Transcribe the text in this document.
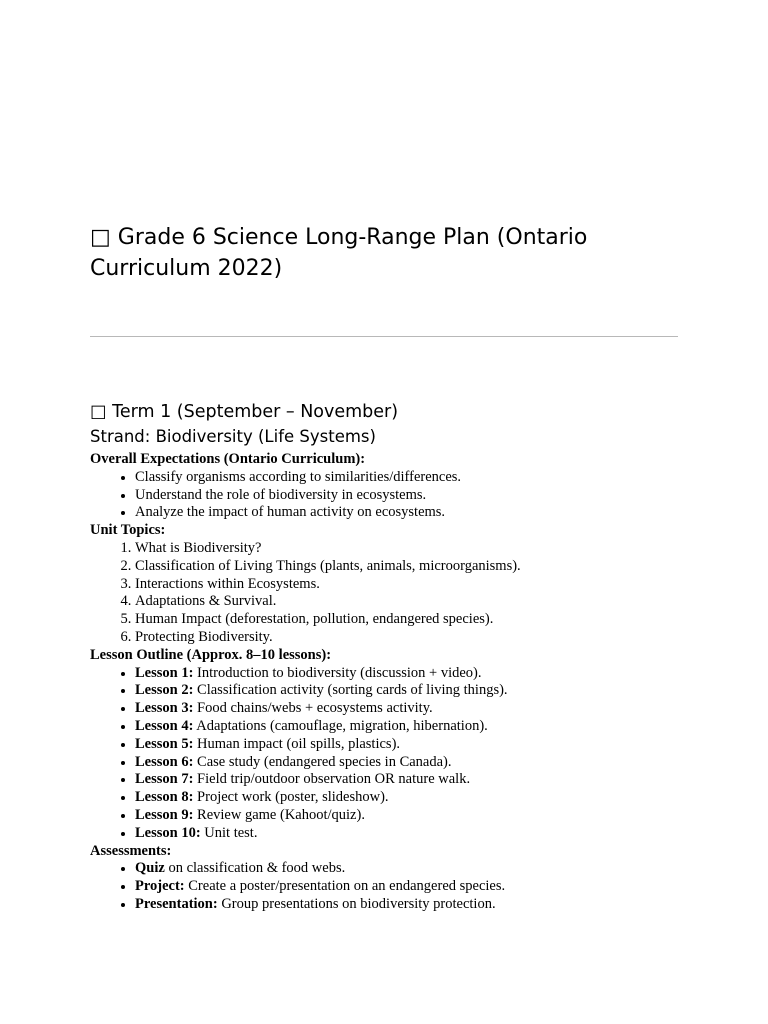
□ Grade 6 Science Long-Range Plan (Ontario Curriculum 2022)
□ Term 1 (September – November)
Strand: Biodiversity (Life Systems)

Overall Expectations (Ontario Curriculum):

• Classify organisms according to similarities/differences.
• Understand the role of biodiversity in ecosystems.
• Analyze the impact of human activity on ecosystems.

Unit Topics:

1. What is Biodiversity?
2. Classification of Living Things (plants, animals, microorganisms).
3. Interactions within Ecosystems.
4. Adaptations & Survival.
5. Human Impact (deforestation, pollution, endangered species).
6. Protecting Biodiversity.

Lesson Outline (Approx. 8–10 lessons):

• Lesson 1: Introduction to biodiversity (discussion + video).
• Lesson 2: Classification activity (sorting cards of living things).
• Lesson 3: Food chains/webs + ecosystems activity.
• Lesson 4: Adaptations (camouflage, migration, hibernation).
• Lesson 5: Human impact (oil spills, plastics).
• Lesson 6: Case study (endangered species in Canada).
• Lesson 7: Field trip/outdoor observation OR nature walk.
• Lesson 8: Project work (poster, slideshow).
• Lesson 9: Review game (Kahoot/quiz).
• Lesson 10: Unit test.

Assessments:

• Quiz on classification & food webs.
• Project: Create a poster/presentation on an endangered species.
• Presentation: Group presentations on biodiversity protection.
